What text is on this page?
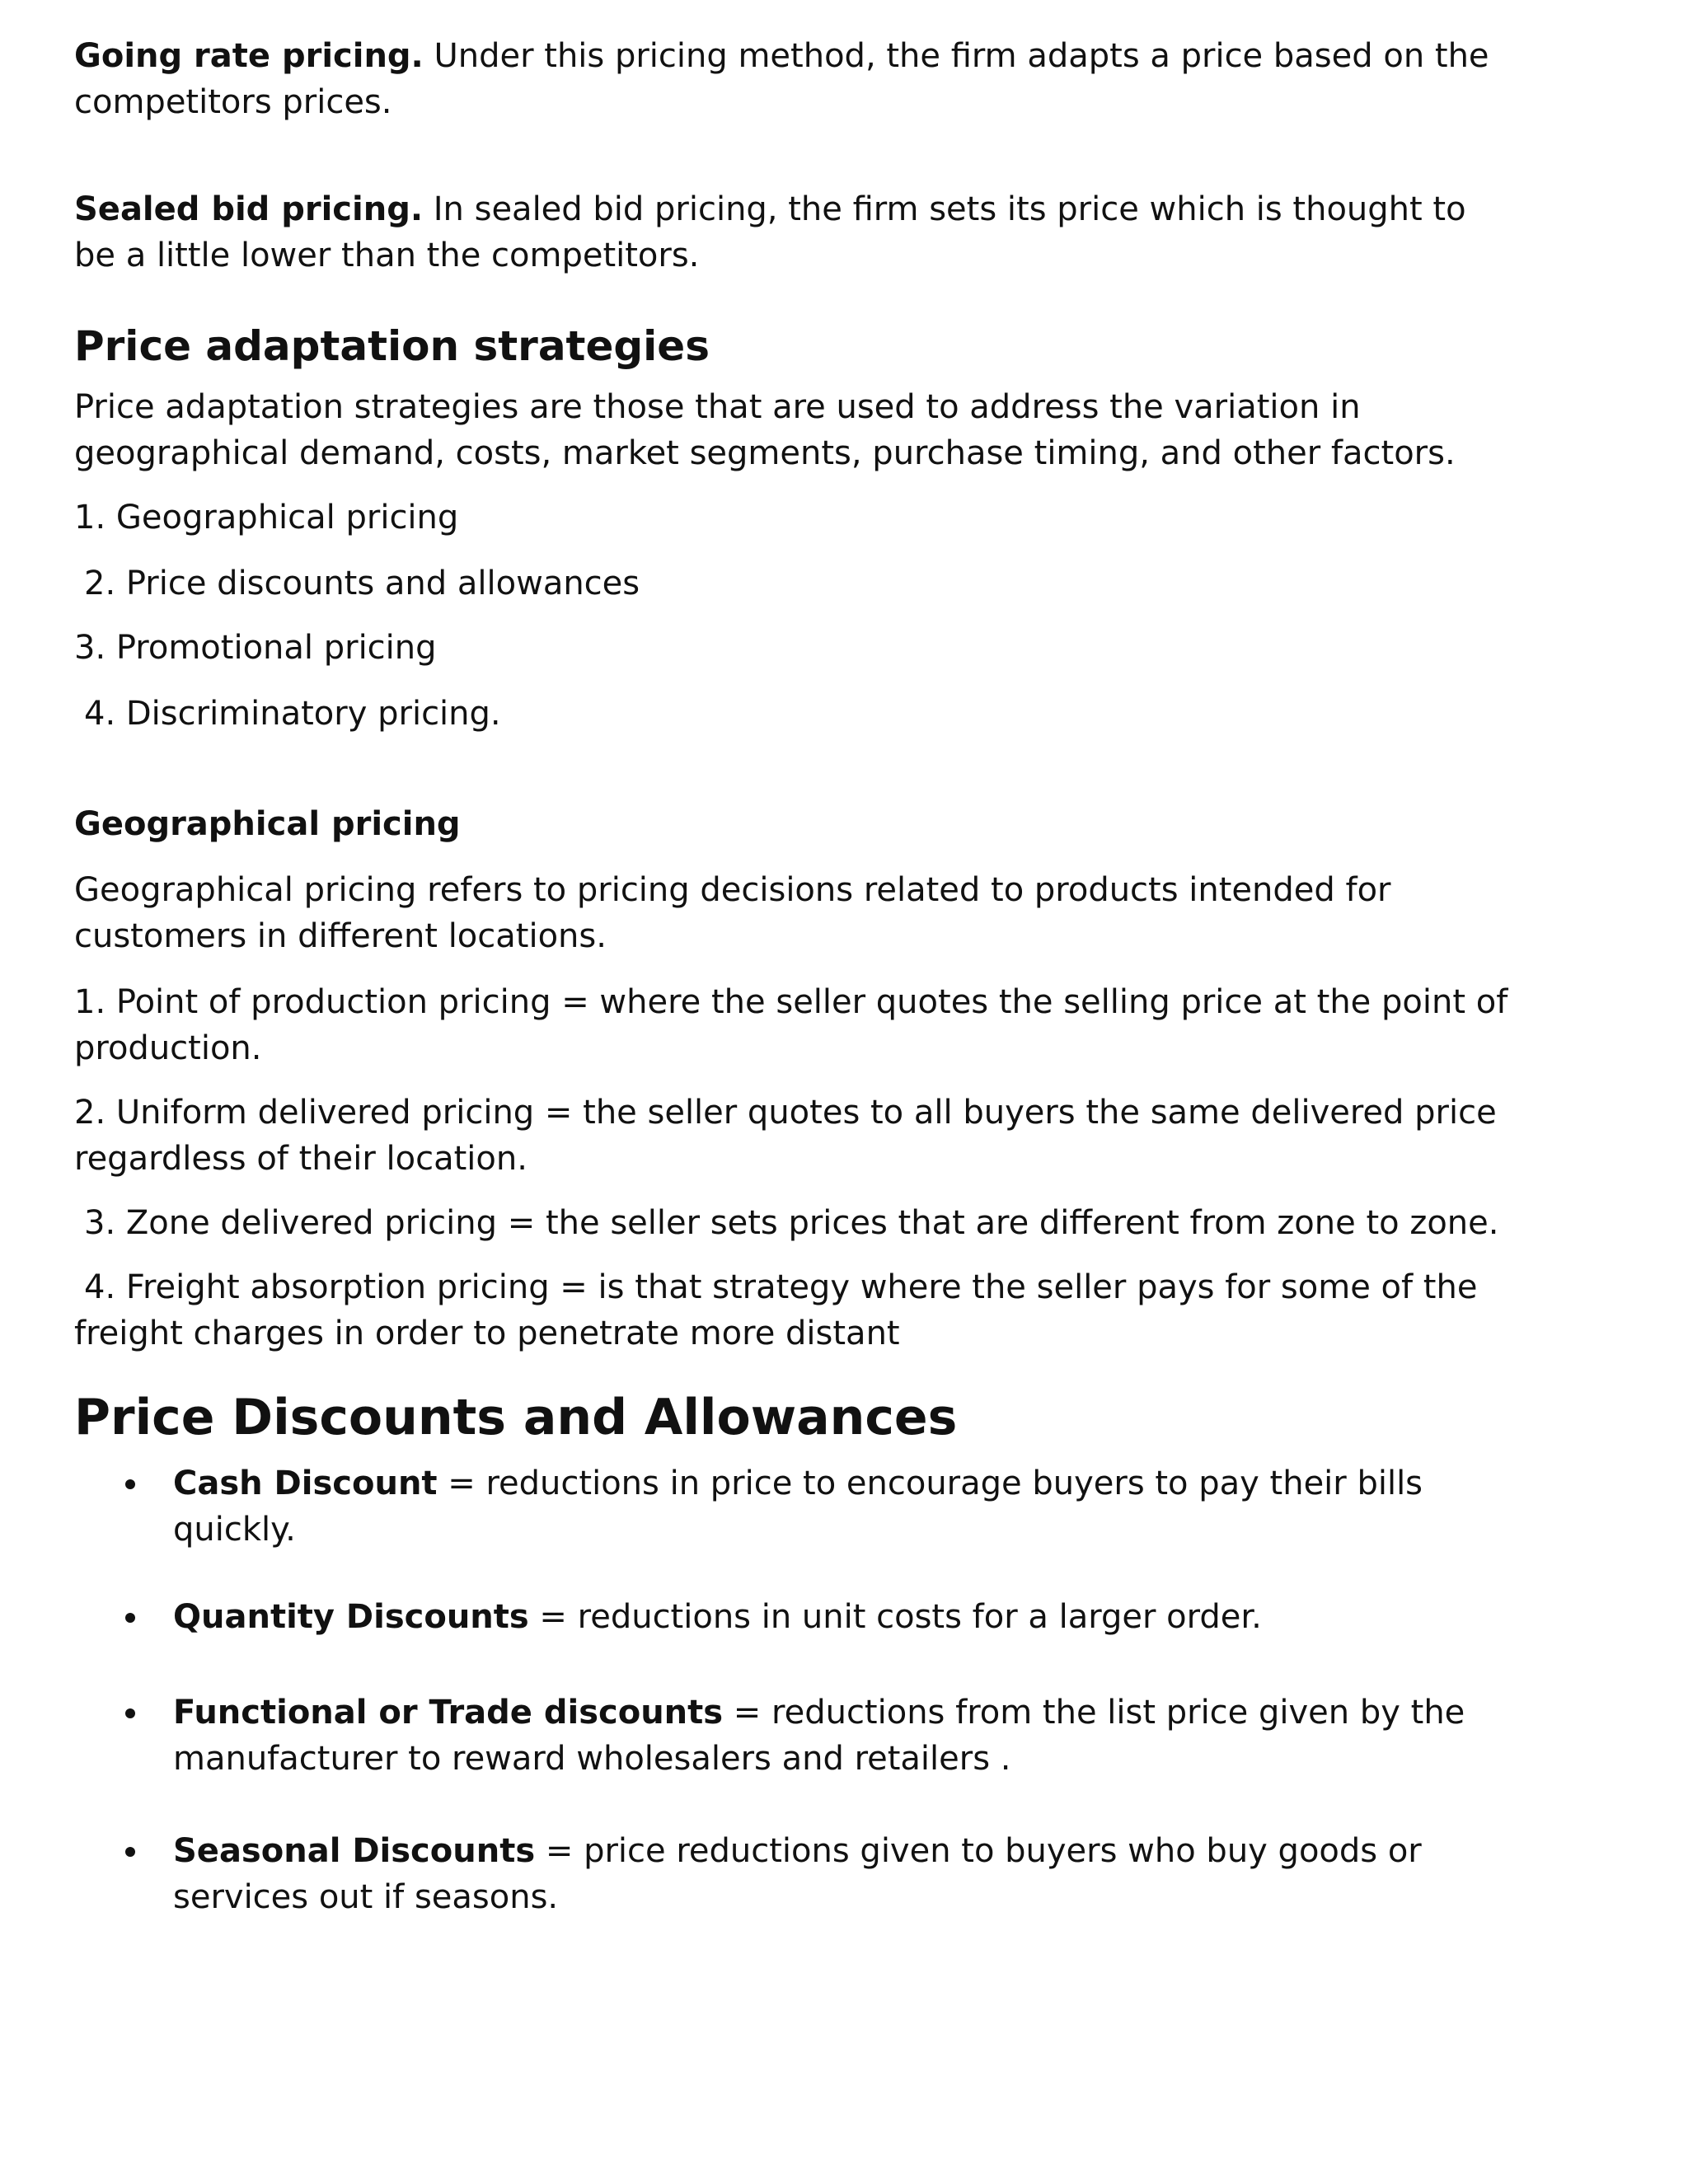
Going rate pricing. Under this pricing method, the firm adapts a price based on the competitors prices.

Sealed bid pricing. In sealed bid pricing, the firm sets its price which is thought to be a little lower than the competitors.

Price adaptation strategies

Price adaptation strategies are those that are used to address the variation in geographical demand, costs, market segments, purchase timing, and other factors.

1. Geographical pricing

2. Price discounts and allowances

3. Promotional pricing

4. Discriminatory pricing.

Geographical pricing

Geographical pricing refers to pricing decisions related to products intended for customers in different locations.

1. Point of production pricing = where the seller quotes the selling price at the point of production.

2. Uniform delivered pricing = the seller quotes to all buyers the same delivered price regardless of their location.

3. Zone delivered pricing = the seller sets prices that are different from zone to zone.

4. Freight absorption pricing = is that strategy where the seller pays for some of the freight charges in order to penetrate more distant

Price Discounts and Allowances
Cash Discount = reductions in price to encourage buyers to pay their bills quickly.
Quantity Discounts = reductions in unit costs for a larger order.
Functional or Trade discounts = reductions from the list price given by the manufacturer to reward wholesalers and retailers .
Seasonal Discounts = price reductions given to buyers who buy goods or services out if seasons.
